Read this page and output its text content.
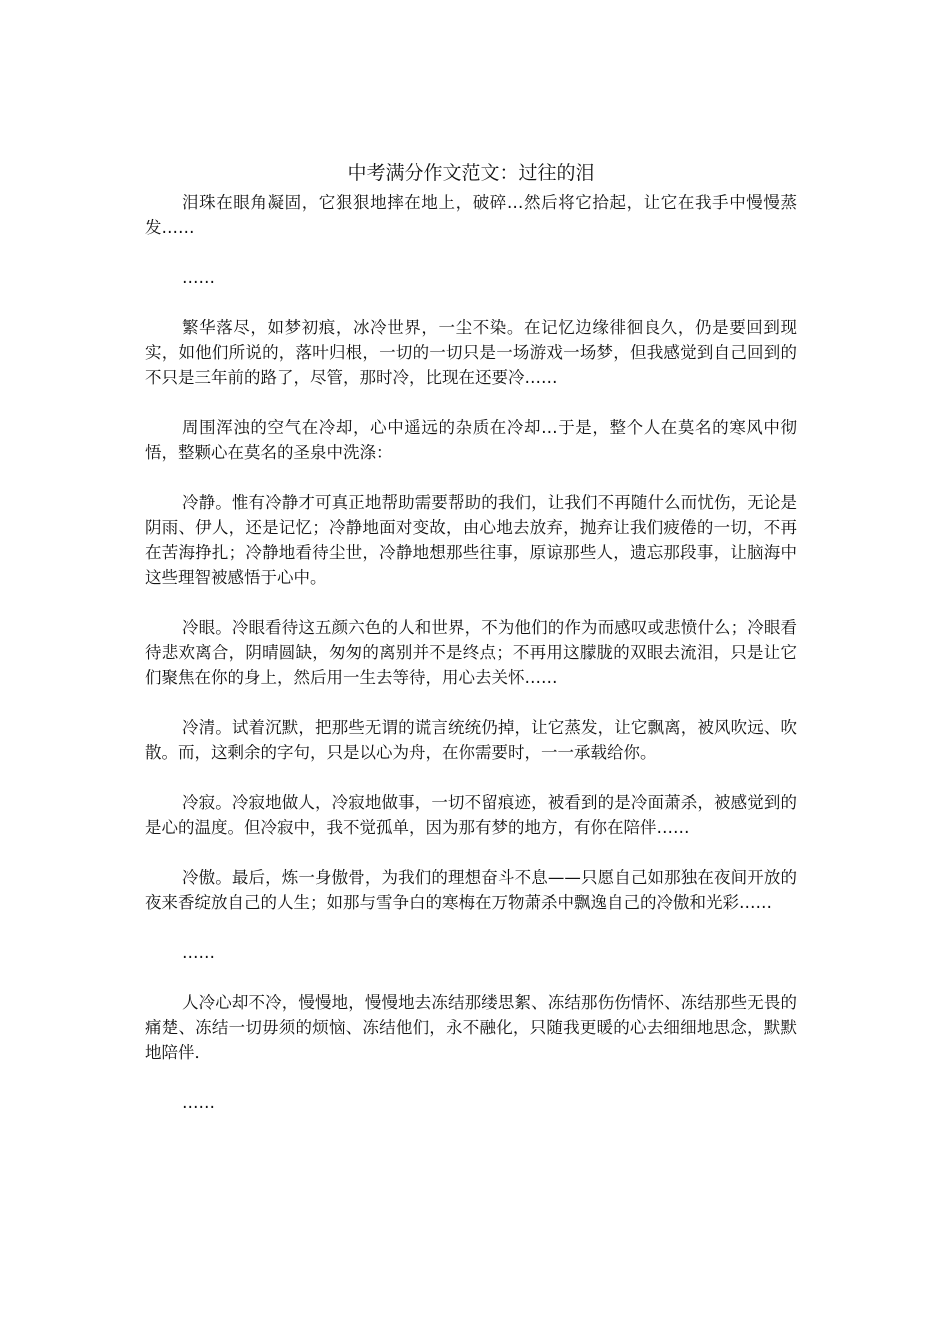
中考满分作文范文：过往的泪

泪珠在眼角凝固，它狠狠地摔在地上，破碎…然后将它拾起，让它在我手中慢慢蒸发……

……

繁华落尽，如梦初痕，冰冷世界，一尘不染。在记忆边缘徘徊良久，仍是要回到现实，如他们所说的，落叶归根，一切的一切只是一场游戏一场梦，但我感觉到自己回到的不只是三年前的路了，尽管，那时冷，比现在还要冷……

周围浑浊的空气在冷却，心中遥远的杂质在冷却…于是，整个人在莫名的寒风中彻悟，整颗心在莫名的圣泉中洗涤：

冷静。惟有冷静才可真正地帮助需要帮助的我们，让我们不再随什么而忧伤，无论是阴雨、伊人，还是记忆；冷静地面对变故，由心地去放弃，抛弃让我们疲倦的一切，不再在苦海挣扎；冷静地看待尘世，冷静地想那些往事，原谅那些人，遗忘那段事，让脑海中这些理智被感悟于心中。

冷眼。冷眼看待这五颜六色的人和世界，不为他们的作为而感叹或悲愤什么；冷眼看待悲欢离合，阴晴圆缺，匆匆的离别并不是终点；不再用这朦胧的双眼去流泪，只是让它们聚焦在你的身上，然后用一生去等待，用心去关怀……

冷清。试着沉默，把那些无谓的谎言统统仍掉，让它蒸发，让它飘离，被风吹远、吹散。而，这剩余的字句，只是以心为舟，在你需要时，一一承载给你。

冷寂。冷寂地做人，冷寂地做事，一切不留痕迹，被看到的是冷面萧杀，被感觉到的是心的温度。但冷寂中，我不觉孤单，因为那有梦的地方，有你在陪伴……

冷傲。最后，炼一身傲骨，为我们的理想奋斗不息——只愿自己如那独在夜间开放的夜来香绽放自己的人生；如那与雪争白的寒梅在万物萧杀中飘逸自己的冷傲和光彩……

……

人冷心却不冷，慢慢地，慢慢地去冻结那缕思絮、冻结那伤伤情怀、冻结那些无畏的痛楚、冻结一切毋须的烦恼、冻结他们，永不融化，只随我更暖的心去细细地思念，默默地陪伴．

……
